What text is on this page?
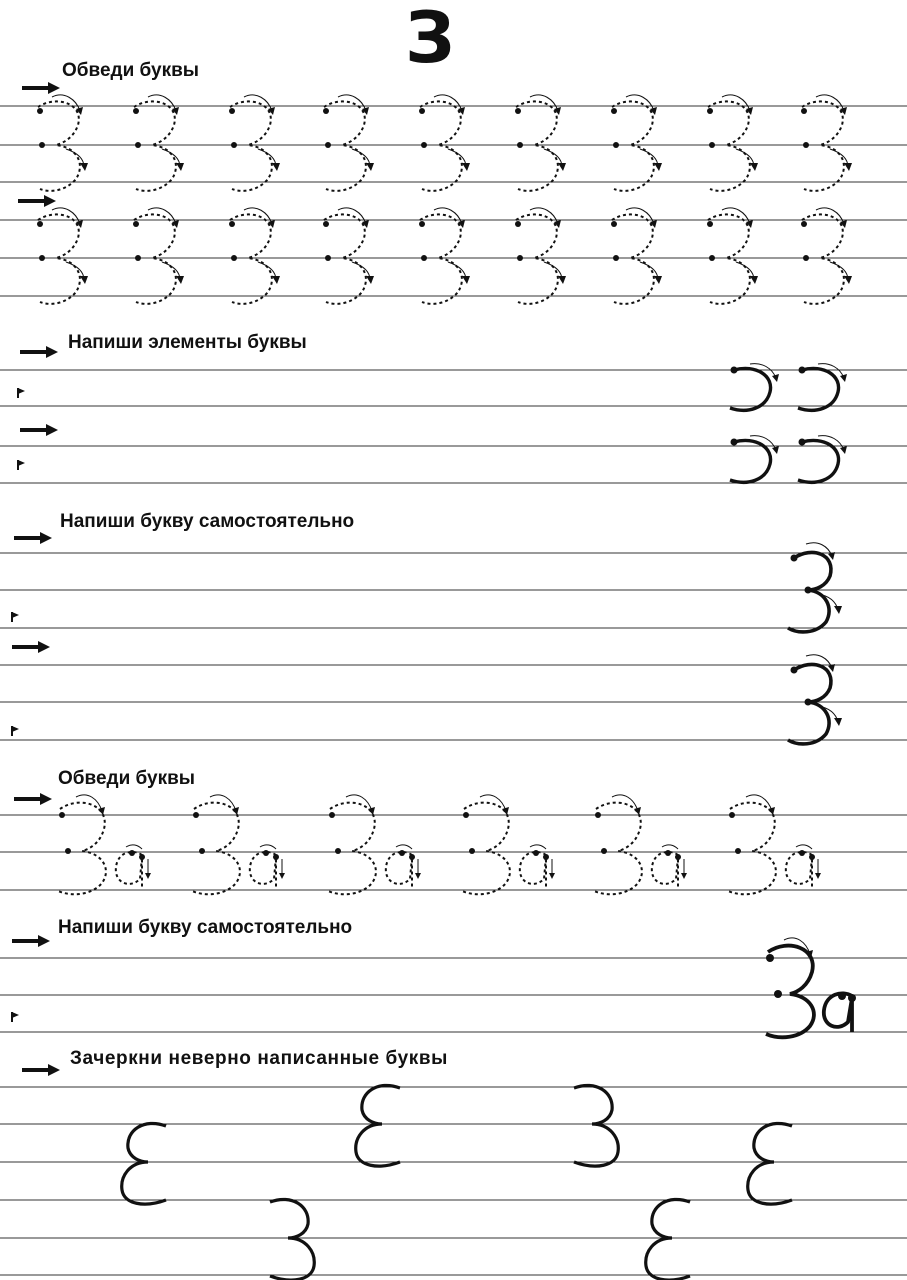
З
Обведи буквы
Напиши элементы буквы
Напиши букву самостоятельно
Обведи буквы
Напиши букву самостоятельно
Зачеркни неверно написанные буквы
